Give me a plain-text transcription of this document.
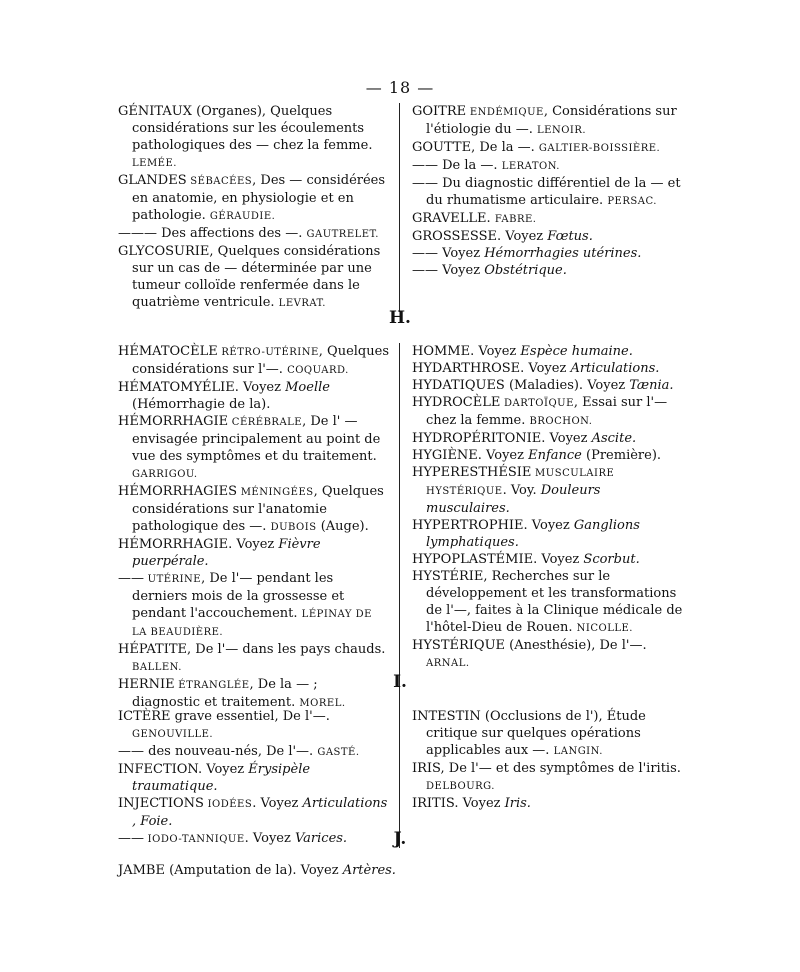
— 18 —

GÉNITAUX (Organes), Quelques considérations sur les écoulements pathologiques des — chez la femme. LEMÉE.

GLANDES SÉBACÉES, Des — considérées en anatomie, en physiologie et en pathologie. GÉRAUDIE.

——— Des affections des —. GAUTRELET.

GLYCOSURIE, Quelques considérations sur un cas de — déterminée par une tumeur colloïde renfermée dans le quatrième ventricule. LEVRAT.

GOITRE ENDÉMIQUE, Considérations sur l'étiologie du —. LENOIR.

GOUTTE, De la —. GALTIER-BOISSIÈRE.

—— De la —. LERATON.

—— Du diagnostic différentiel de la — et du rhumatisme articulaire. PERSAC.

GRAVELLE. FABRE.

GROSSESSE. Voyez Fœtus.

—— Voyez Hémorrhagies utérines.

—— Voyez Obstétrique.

H.

HÉMATOCÈLE RÉTRO-UTÉRINE, Quelques considérations sur l'—. COQUARD.

HÉMATOMYÉLIE. Voyez Moelle (Hémorrhagie de la).

HÉMORRHAGIE CÉRÉBRALE, De l' — envisagée principalement au point de vue des symptômes et du traitement. GARRIGOU.

HÉMORRHAGIES MÉNINGÉES, Quelques considérations sur l'anatomie pathologique des —. DUBOIS (Auge).

HÉMORRHAGIE. Voyez Fièvre puerpérale.

—— UTÉRINE, De l'— pendant les derniers mois de la grossesse et pendant l'accouchement. LÉPINAY DE LA BEAUDIÈRE.

HÉPATITE, De l'— dans les pays chauds. BALLEN.

HERNIE ÉTRANGLÉE, De la — ; diagnostic et traitement. MOREL.

HOMME. Voyez Espèce humaine.

HYDARTHROSE. Voyez Articulations.

HYDATIQUES (Maladies). Voyez Tænia.

HYDROCÈLE DARTOÏQUE, Essai sur l'— chez la femme. BROCHON.

HYDROPÉRITONIE. Voyez Ascite.

HYGIÈNE. Voyez Enfance (Première).

HYPERESTHÉSIE MUSCULAIRE HYSTÉRIQUE. Voy. Douleurs musculaires.

HYPERTROPHIE. Voyez Ganglions lymphatiques.

HYPOPLASTÉMIE. Voyez Scorbut.

HYSTÉRIE, Recherches sur le développement et les transformations de l'—, faites à la Clinique médicale de l'hôtel-Dieu de Rouen. NICOLLE.

HYSTÉRIQUE (Anesthésie), De l'—. ARNAL.

I.

ICTÈRE grave essentiel, De l'—. GENOUVILLE.

—— des nouveau-nés, De l'—. GASTÉ.

INFECTION. Voyez Érysipèle traumatique.

INJECTIONS IODÉES. Voyez Articulations , Foie.

—— IODO-TANNIQUE. Voyez Varices.

INTESTIN (Occlusions de l'), Étude critique sur quelques opérations applicables aux —. LANGIN.

IRIS, De l'— et des symptômes de l'iritis. DELBOURG.

IRITIS. Voyez Iris.

J.

JAMBE (Amputation de la). Voyez Artères.
